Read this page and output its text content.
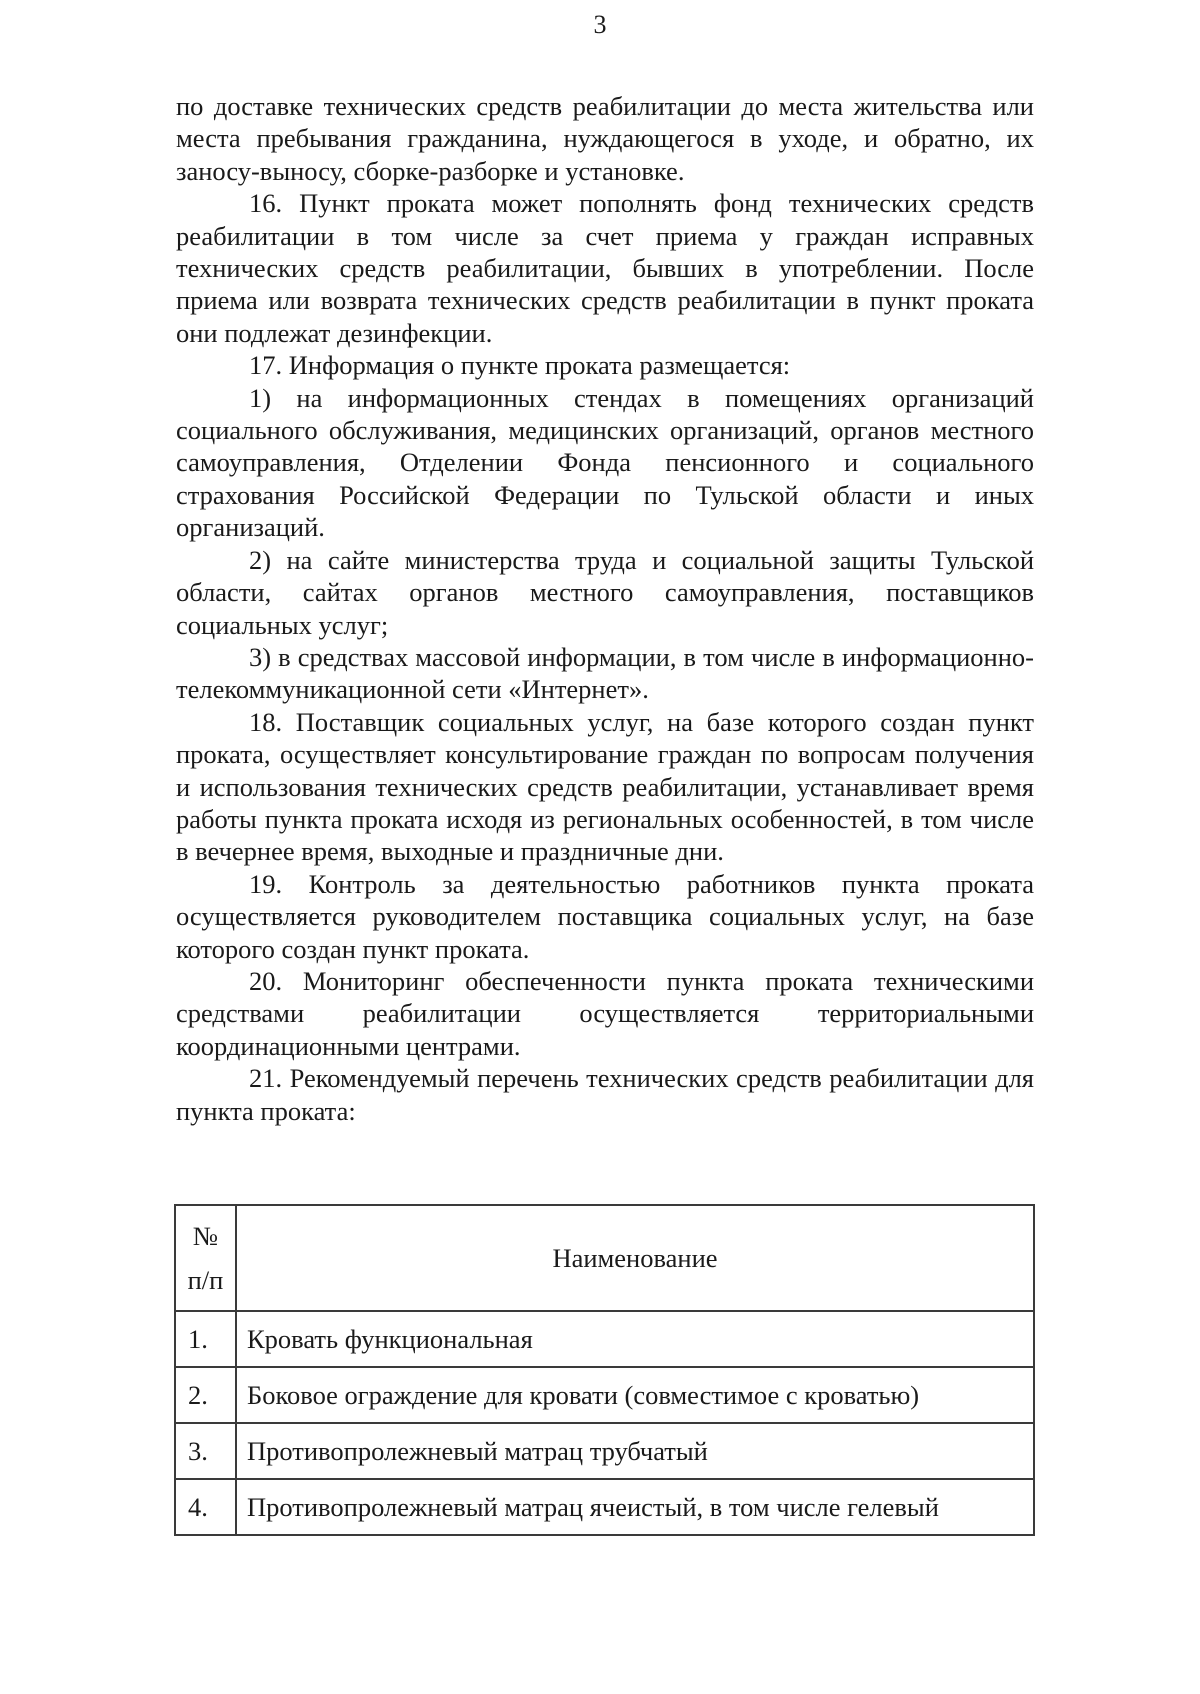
3

по доставке технических средств реабилитации до места жительства или места пребывания гражданина, нуждающегося в уходе, и обратно, их заносу-выносу, сборке-разборке и установке.

16. Пункт проката может пополнять фонд технических средств реабилитации в том числе за счет приема у граждан исправных технических средств реабилитации, бывших в употреблении. После приема или возврата технических средств реабилитации в пункт проката они подлежат дезинфекции.

17. Информация о пункте проката размещается:

1) на информационных стендах в помещениях организаций социального обслуживания, медицинских организаций, органов местного самоуправления, Отделении Фонда пенсионного и социального страхования Российской Федерации по Тульской области и иных организаций.

2) на сайте министерства труда и социальной защиты Тульской области, сайтах органов местного самоуправления, поставщиков социальных услуг;

3) в средствах массовой информации, в том числе в информационно-телекоммуникационной сети «Интернет».

18. Поставщик социальных услуг, на базе которого создан пункт проката, осуществляет консультирование граждан по вопросам получения и использования технических средств реабилитации, устанавливает время работы пункта проката исходя из региональных особенностей, в том числе в вечернее время, выходные и праздничные дни.

19. Контроль за деятельностью работников пункта проката осуществляется руководителем поставщика социальных услуг, на базе которого создан пункт проката.

20. Мониторинг обеспеченности пункта проката техническими средствами реабилитации осуществляется территориальными координационными центрами.

21. Рекомендуемый перечень технических средств реабилитации для пункта проката:

№
п/п	Наименование
1.	Кровать функциональная
2.	Боковое ограждение для кровати (совместимое с кроватью)
3.	Противопролежневый матрац трубчатый
4.	Противопролежневый матрац ячеистый, в том числе гелевый
